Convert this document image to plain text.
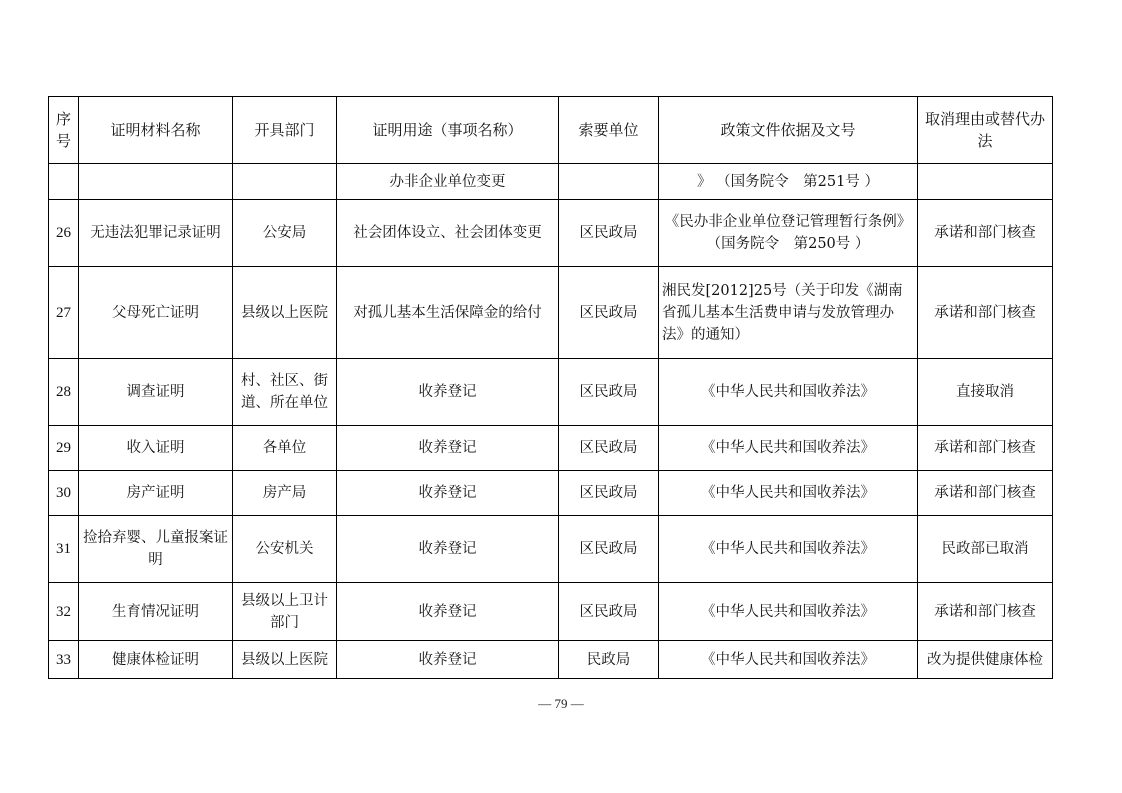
序号	证明材料名称	开具部门	证明用途（事项名称）	索要单位	政策文件依据及文号	取消理由或替代办法
			办非企业单位变更		》 （国务院令　第251号 ）	
26	无违法犯罪记录证明	公安局	社会团体设立、社会团体变更	区民政局	《民办非企业单位登记管理暂行条例》 （国务院令　第250号 ）	承诺和部门核查
27	父母死亡证明	县级以上医院	对孤儿基本生活保障金的给付	区民政局	湘民发[2012]25号（关于印发《湖南省孤儿基本生活费申请与发放管理办法》的通知）	承诺和部门核查
28	调查证明	村、社区、街道、所在单位	收养登记	区民政局	《中华人民共和国收养法》	直接取消
29	收入证明	各单位	收养登记	区民政局	《中华人民共和国收养法》	承诺和部门核查
30	房产证明	房产局	收养登记	区民政局	《中华人民共和国收养法》	承诺和部门核查
31	捡拾弃婴、儿童报案证明	公安机关	收养登记	区民政局	《中华人民共和国收养法》	民政部已取消
32	生育情况证明	县级以上卫计部门	收养登记	区民政局	《中华人民共和国收养法》	承诺和部门核查
33	健康体检证明	县级以上医院	收养登记	民政局	《中华人民共和国收养法》	改为提供健康体检
— 79 —
